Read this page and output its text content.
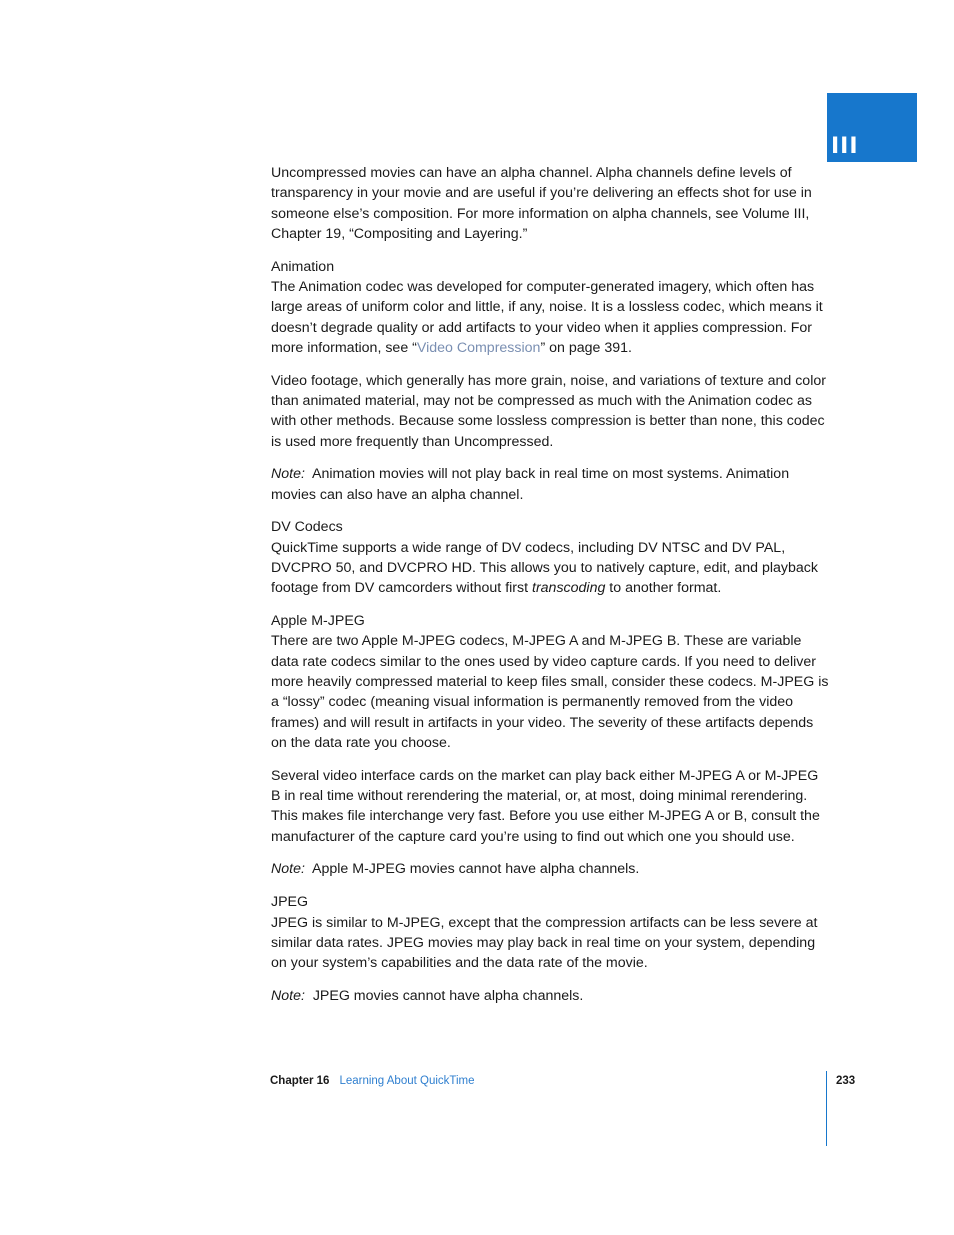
III

Uncompressed movies can have an alpha channel. Alpha channels define levels of transparency in your movie and are useful if you’re delivering an effects shot for use in someone else’s composition. For more information on alpha channels, see Volume III, Chapter 19, “Compositing and Layering.”

Animation

The Animation codec was developed for computer-generated imagery, which often has large areas of uniform color and little, if any, noise. It is a lossless codec, which means it doesn’t degrade quality or add artifacts to your video when it applies compression. For more information, see “Video Compression” on page 391.

Video footage, which generally has more grain, noise, and variations of texture and color than animated material, may not be compressed as much with the Animation codec as with other methods. Because some lossless compression is better than none, this codec is used more frequently than Uncompressed.

Note: Animation movies will not play back in real time on most systems. Animation movies can also have an alpha channel.

DV Codecs

QuickTime supports a wide range of DV codecs, including DV NTSC and DV PAL, DVCPRO 50, and DVCPRO HD. This allows you to natively capture, edit, and playback footage from DV camcorders without first transcoding to another format.

Apple M-JPEG

There are two Apple M-JPEG codecs, M-JPEG A and M-JPEG B. These are variable data rate codecs similar to the ones used by video capture cards. If you need to deliver more heavily compressed material to keep files small, consider these codecs. M-JPEG is a “lossy” codec (meaning visual information is permanently removed from the video frames) and will result in artifacts in your video. The severity of these artifacts depends on the data rate you choose.

Several video interface cards on the market can play back either M-JPEG A or M-JPEG B in real time without rerendering the material, or, at most, doing minimal rerendering. This makes file interchange very fast. Before you use either M-JPEG A or B, consult the manufacturer of the capture card you’re using to find out which one you should use.

Note: Apple M-JPEG movies cannot have alpha channels.

JPEG

JPEG is similar to M-JPEG, except that the compression artifacts can be less severe at similar data rates. JPEG movies may play back in real time on your system, depending on your system’s capabilities and the data rate of the movie.

Note: JPEG movies cannot have alpha channels.

Chapter 16 Learning About QuickTime	233
